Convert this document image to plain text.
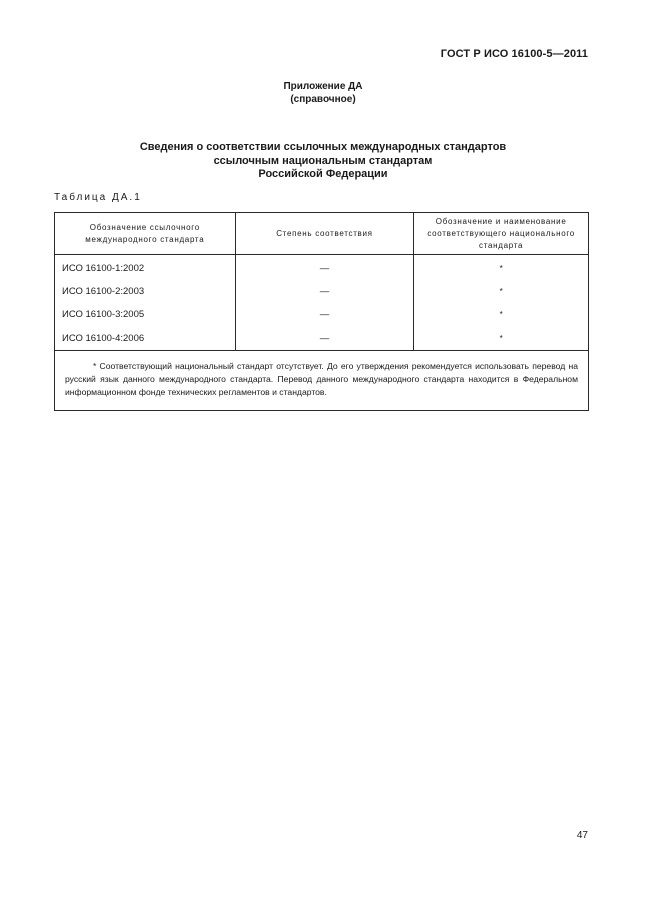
ГОСТ Р ИСО 16100-5—2011
Приложение ДА
(справочное)
Сведения о соответствии ссылочных международных стандартов
ссылочным национальным стандартам
Российской Федерации
Таблица ДА.1
Обозначение ссылочного международного стандарта	Степень соответствия	Обозначение и наименование соответствующего национального стандарта
ИСО 16100-1:2002	—	*
ИСО 16100-2:2003	—	*
ИСО 16100-3:2005	—	*
ИСО 16100-4:2006	—	*
* Соответствующий национальный стандарт отсутствует. До его утверждения рекомендуется использовать перевод на русский язык данного международного стандарта. Перевод данного международного стандарта находится в Федеральном информационном фонде технических регламентов и стандартов.		
47
